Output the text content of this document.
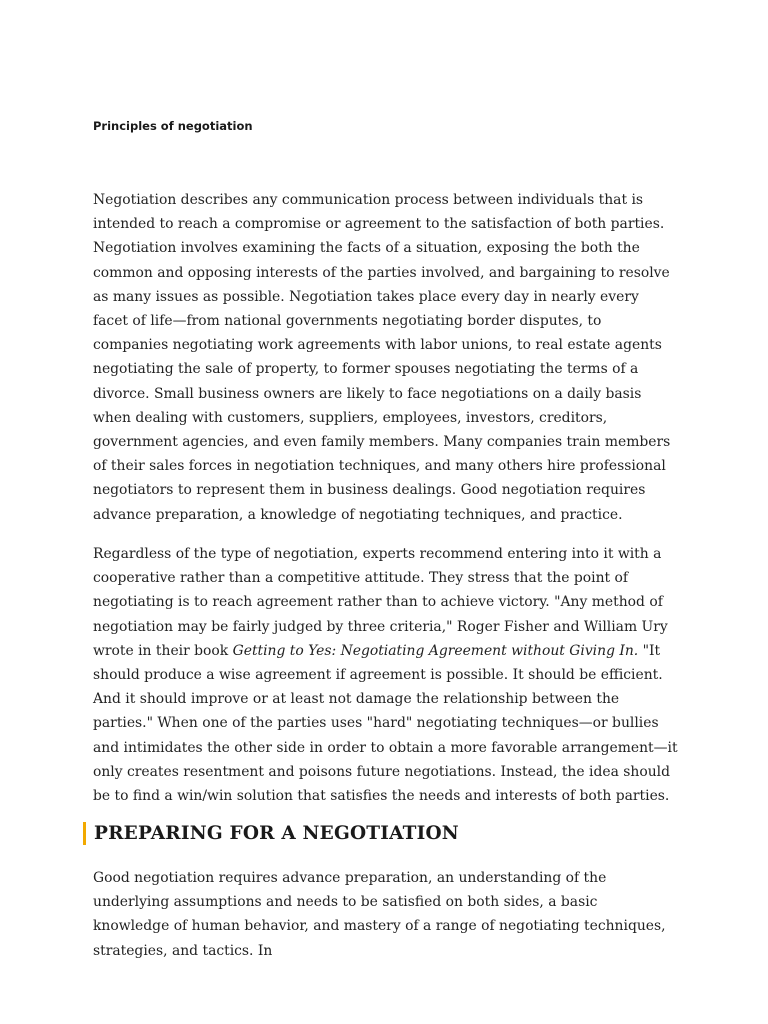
Principles of negotiation

Negotiation describes any communication process between individuals that is intended to reach a compromise or agreement to the satisfaction of both parties. Negotiation involves examining the facts of a situation, exposing the both the common and opposing interests of the parties involved, and bargaining to resolve as many issues as possible. Negotiation takes place every day in nearly every facet of life—from national governments negotiating border disputes, to companies negotiating work agreements with labor unions, to real estate agents negotiating the sale of property, to former spouses negotiating the terms of a divorce. Small business owners are likely to face negotiations on a daily basis when dealing with customers, suppliers, employees, investors, creditors, government agencies, and even family members. Many companies train members of their sales forces in negotiation techniques, and many others hire professional negotiators to represent them in business dealings. Good negotiation requires advance preparation, a knowledge of negotiating techniques, and practice.

Regardless of the type of negotiation, experts recommend entering into it with a cooperative rather than a competitive attitude. They stress that the point of negotiating is to reach agreement rather than to achieve victory. "Any method of negotiation may be fairly judged by three criteria," Roger Fisher and William Ury wrote in their book Getting to Yes: Negotiating Agreement without Giving In. "It should produce a wise agreement if agreement is possible. It should be efficient. And it should improve or at least not damage the relationship between the parties." When one of the parties uses "hard" negotiating techniques—or bullies and intimidates the other side in order to obtain a more favorable arrangement—it only creates resentment and poisons future negotiations. Instead, the idea should be to find a win/win solution that satisfies the needs and interests of both parties.

PREPARING FOR A NEGOTIATION

Good negotiation requires advance preparation, an understanding of the underlying assumptions and needs to be satisfied on both sides, a basic knowledge of human behavior, and mastery of a range of negotiating techniques, strategies, and tactics. In
